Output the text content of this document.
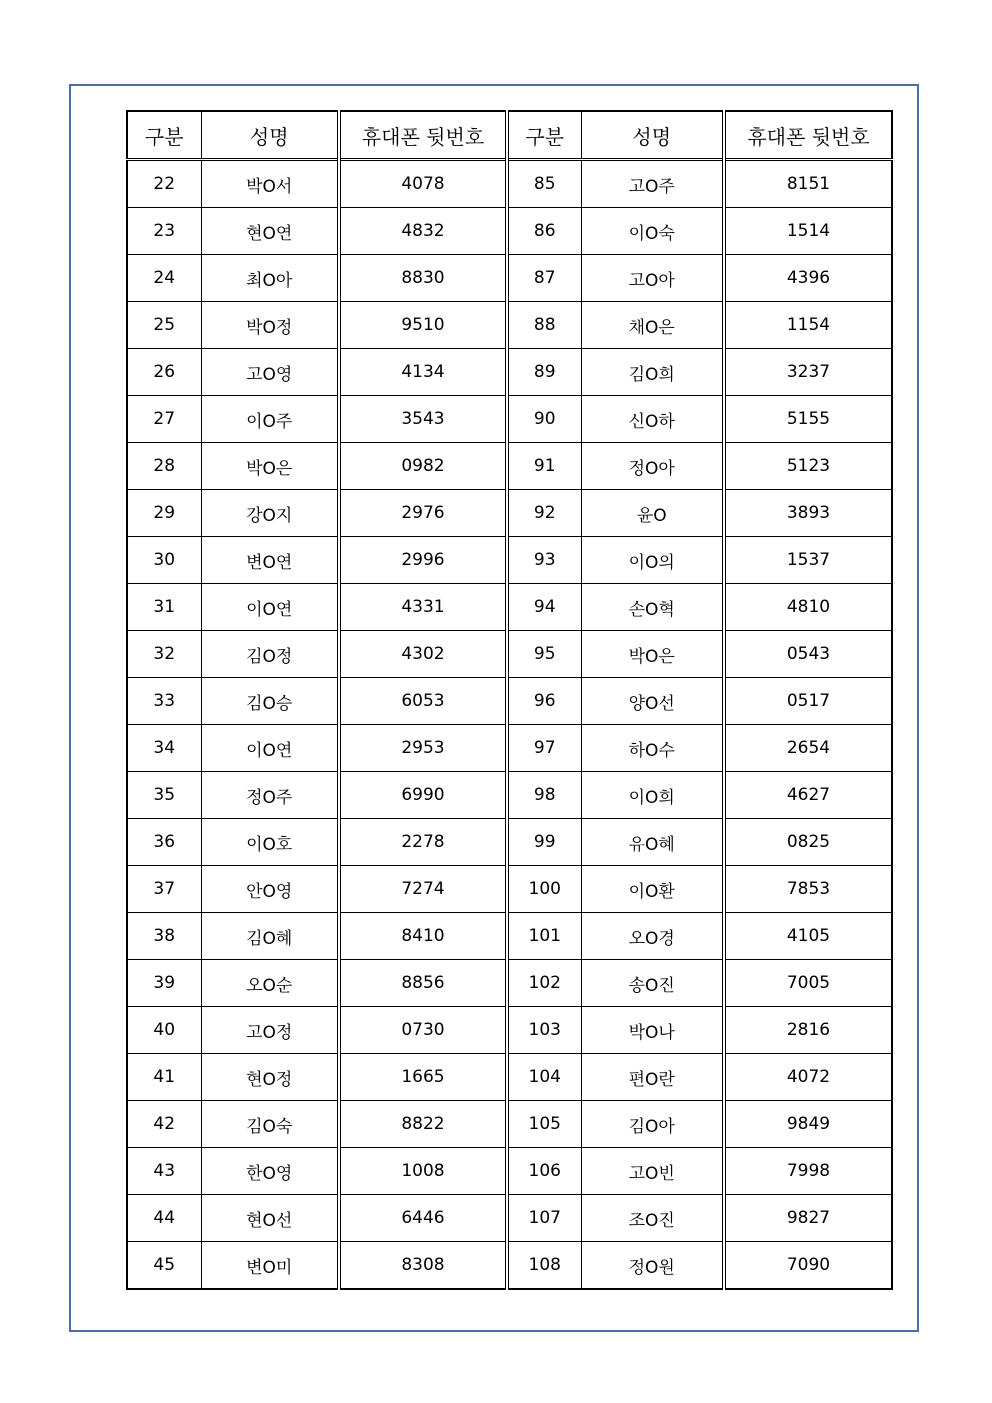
구분	성명	휴대폰 뒷번호	구분	성명	휴대폰 뒷번호
22	박O서	4078	85	고O주	8151
23	현O연	4832	86	이O숙	1514
24	최O아	8830	87	고O아	4396
25	박O정	9510	88	채O은	1154
26	고O영	4134	89	김O희	3237
27	이O주	3543	90	신O하	5155
28	박O은	0982	91	정O아	5123
29	강O지	2976	92	윤O	3893
30	변O연	2996	93	이O의	1537
31	이O연	4331	94	손O혁	4810
32	김O정	4302	95	박O은	0543
33	김O승	6053	96	양O선	0517
34	이O연	2953	97	하O수	2654
35	정O주	6990	98	이O희	4627
36	이O호	2278	99	유O혜	0825
37	안O영	7274	100	이O환	7853
38	김O혜	8410	101	오O경	4105
39	오O순	8856	102	송O진	7005
40	고O정	0730	103	박O나	2816
41	현O정	1665	104	편O란	4072
42	김O숙	8822	105	김O아	9849
43	한O영	1008	106	고O빈	7998
44	현O선	6446	107	조O진	9827
45	변O미	8308	108	정O원	7090
